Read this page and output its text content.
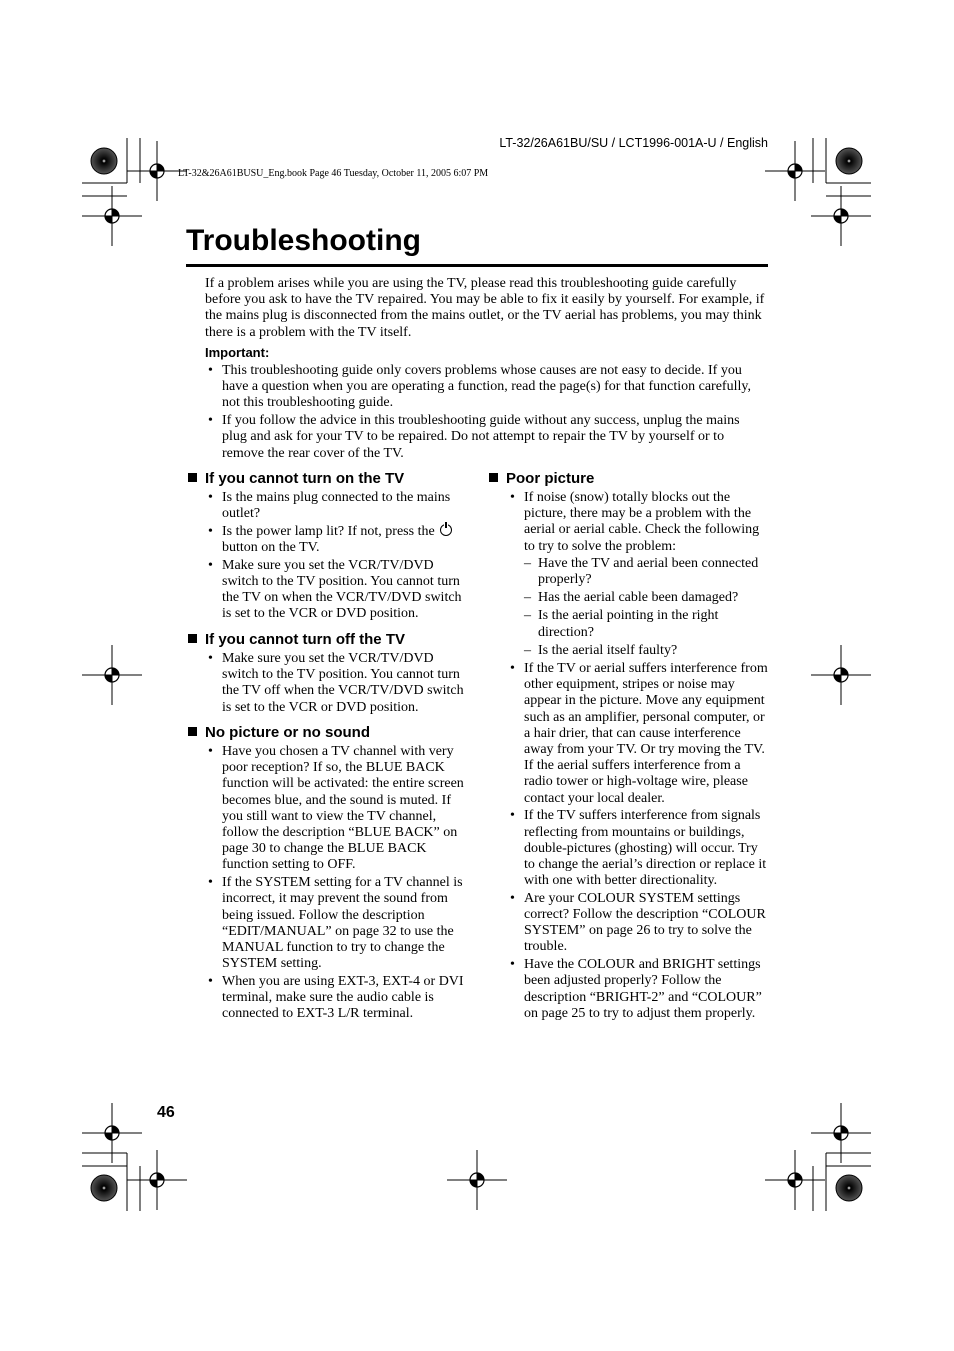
LT-32/26A61BU/SU / LCT1996-001A-U / English
LT-32&26A61BUSU_Eng.book Page 46 Tuesday, October 11, 2005 6:07 PM
Troubleshooting
If a problem arises while you are using the TV, please read this troubleshooting guide carefully before you ask to have the TV repaired. You may be able to fix it easily by yourself. For example, if the mains plug is disconnected from the mains outlet, or the TV aerial has problems, you may think there is a problem with the TV itself.
Important:
• This troubleshooting guide only covers problems whose causes are not easy to decide. If you have a question when you are operating a function, read the page(s) for that function carefully, not this troubleshooting guide.
• If you follow the advice in this troubleshooting guide without any success, unplug the mains plug and ask for your TV to be repaired. Do not attempt to repair the TV by yourself or to remove the rear cover of the TV.
If you cannot turn on the TV
• Is the mains plug connected to the mains outlet?
• Is the power lamp lit? If not, press the
button on the TV.
• Make sure you set the VCR/TV/DVD switch to the TV position. You cannot turn the TV on when the VCR/TV/DVD switch is set to the VCR or DVD position.
If you cannot turn off the TV
• Make sure you set the VCR/TV/DVD switch to the TV position. You cannot turn the TV off when the VCR/TV/DVD switch is set to the VCR or DVD position.
No picture or no sound
• Have you chosen a TV channel with very poor reception? If so, the BLUE BACK function will be activated: the entire screen becomes blue, and the sound is muted. If you still want to view the TV channel, follow the description “BLUE BACK” on page 30 to change the BLUE BACK function setting to OFF.
• If the SYSTEM setting for a TV channel is incorrect, it may prevent the sound from being issued. Follow the description “EDIT/MANUAL” on page 32 to use the MANUAL function to try to change the SYSTEM setting.
• When you are using EXT-3, EXT-4 or DVI terminal, make sure the audio cable is connected to EXT-3 L/R terminal.
Poor picture
• If noise (snow) totally blocks out the picture, there may be a problem with the aerial or aerial cable. Check the following to try to solve the problem:
– Have the TV and aerial been connected properly?
– Has the aerial cable been damaged?
– Is the aerial pointing in the right direction?
– Is the aerial itself faulty?
• If the TV or aerial suffers interference from other equipment, stripes or noise may appear in the picture. Move any equipment such as an amplifier, personal computer, or a hair drier, that can cause interference away from your TV. Or try moving the TV. If the aerial suffers interference from a radio tower or high-voltage wire, please contact your local dealer.
• If the TV suffers interference from signals reflecting from mountains or buildings, double-pictures (ghosting) will occur. Try to change the aerial’s direction or replace it with one with better directionality.
• Are your COLOUR SYSTEM settings correct? Follow the description “COLOUR SYSTEM” on page 26 to try to solve the trouble.
• Have the COLOUR and BRIGHT settings been adjusted properly? Follow the description “BRIGHT-2” and “COLOUR” on page 25 to try to adjust them properly.
46
